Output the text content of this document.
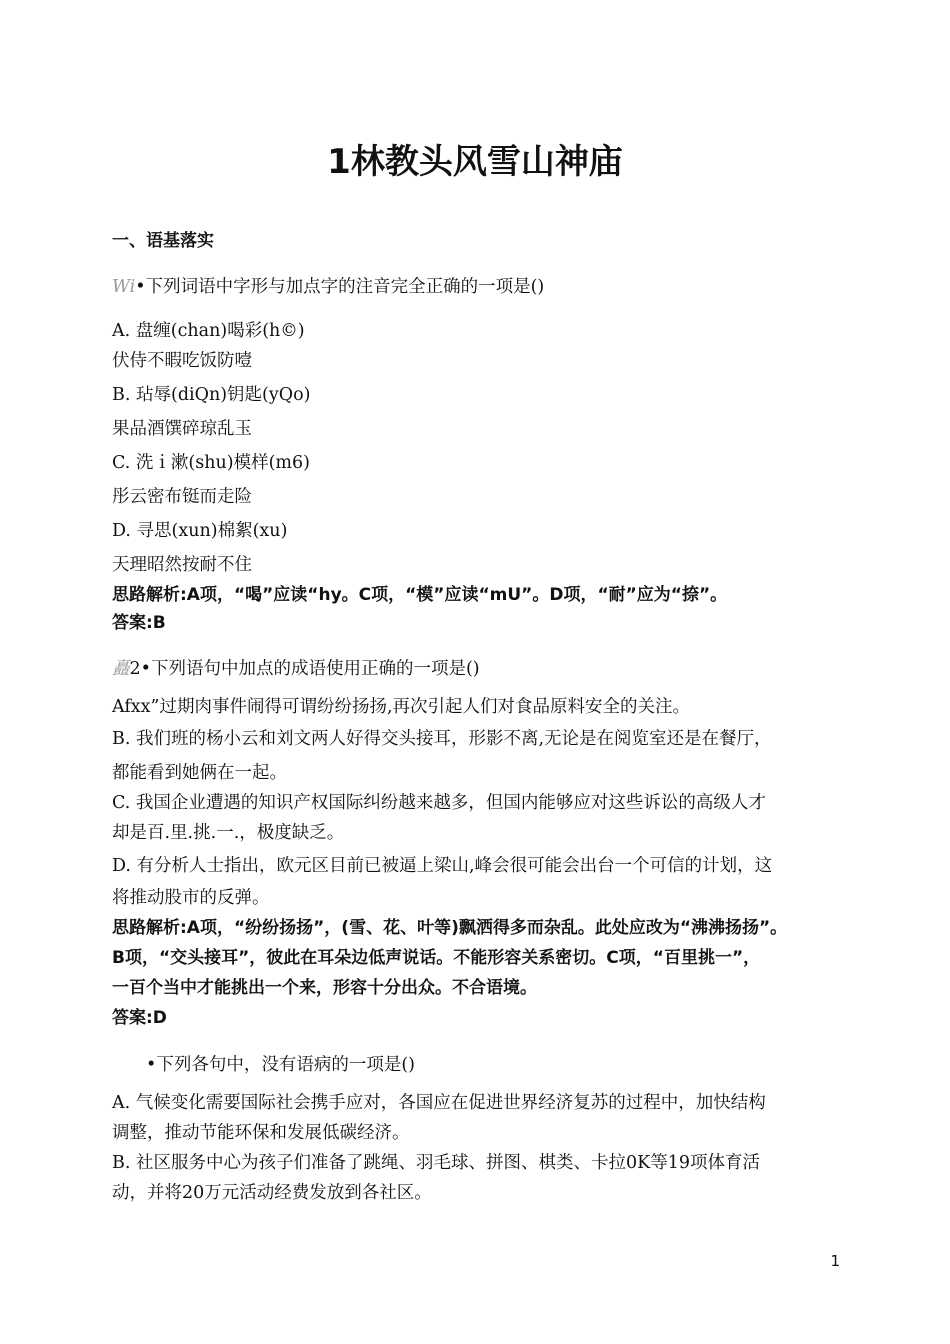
1林教头风雪山神庙
一、语基落实
Wi•下列词语中字形与加点字的注音完全正确的一项是()
A. 盘缠(chan)喝彩(h©)
伏侍不暇吃饭防噎
B. 玷辱(diQn)钥匙(yQo)
果品酒馔碎琼乱玉
C. 洗ｉ漱(shu)模样(m6)
彤云密布铤而走险
D. 寻思(xun)棉絮(xu)
天理昭然按耐不住
思路解析:A项，“喝”应读“hy。C项，“模”应读“mU”。D项，“耐”应为“捺”。
答案:B
矗2•下列语句中加点的成语使用正确的一项是()
Afxx”过期肉事件闹得可谓纷纷扬扬,再次引起人们对食品原料安全的关注。
B. 我们班的杨小云和刘文两人好得交头接耳，形影不离,无论是在阅览室还是在餐厅，
都能看到她俩在一起。
C. 我国企业遭遇的知识产权国际纠纷越来越多，但国内能够应对这些诉讼的高级人才
却是百.里.挑.一.，极度缺乏。
D. 有分析人士指出，欧元区目前已被逼上梁山,峰会很可能会出台一个可信的计划，这
将推动股市的反弹。
思路解析:A项，“纷纷扬扬”，(雪、花、叶等)飘洒得多而杂乱。此处应改为“沸沸扬扬”。
B项，“交头接耳”，彼此在耳朵边低声说话。不能形容关系密切。C项，“百里挑一”，
一百个当中才能挑出一个来，形容十分出众。不合语境。
答案:D
•下列各句中，没有语病的一项是()
A. 气候变化需要国际社会携手应对，各国应在促进世界经济复苏的过程中，加快结构
调整，推动节能环保和发展低碳经济。
B. 社区服务中心为孩子们准备了跳绳、羽毛球、拼图、棋类、卡拉0K等19项体育活
动，并将20万元活动经费发放到各社区。
1
